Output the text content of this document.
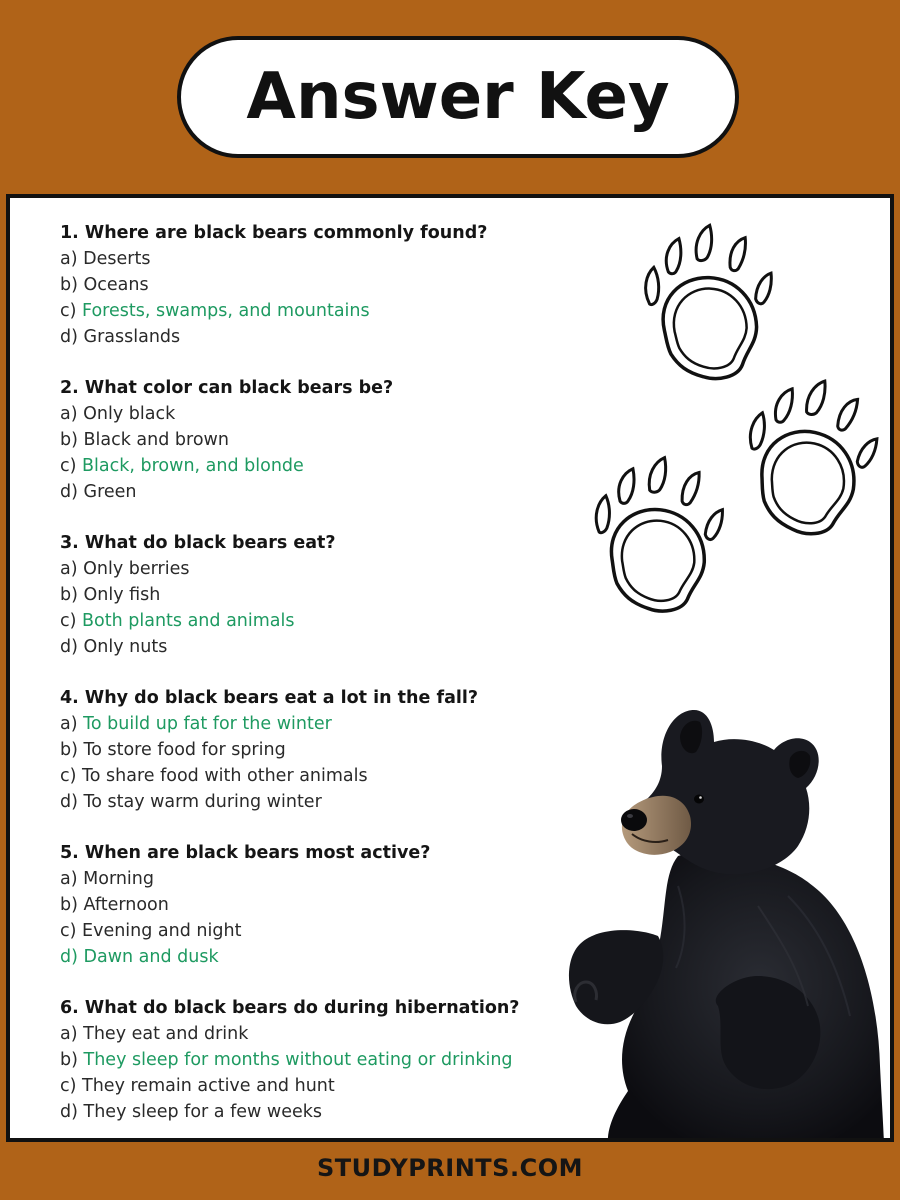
Answer Key
1. Where are black bears commonly found?
a) Deserts
b) Oceans
c) Forests, swamps, and mountains
d) Grasslands
2. What color can black bears be?
a) Only black
b) Black and brown
c) Black, brown, and blonde
d) Green
3. What do black bears eat?
a) Only berries
b) Only fish
c) Both plants and animals
d) Only nuts
4. Why do black bears eat a lot in the fall?
a) To build up fat for the winter
b) To store food for spring
c) To share food with other animals
d) To stay warm during winter
5. When are black bears most active?
a) Morning
b) Afternoon
c) Evening and night
d) Dawn and dusk
6. What do black bears do during hibernation?
a) They eat and drink
b) They sleep for months without eating or drinking
c) They remain active and hunt
d) They sleep for a few weeks
STUDYPRINTS.COM
